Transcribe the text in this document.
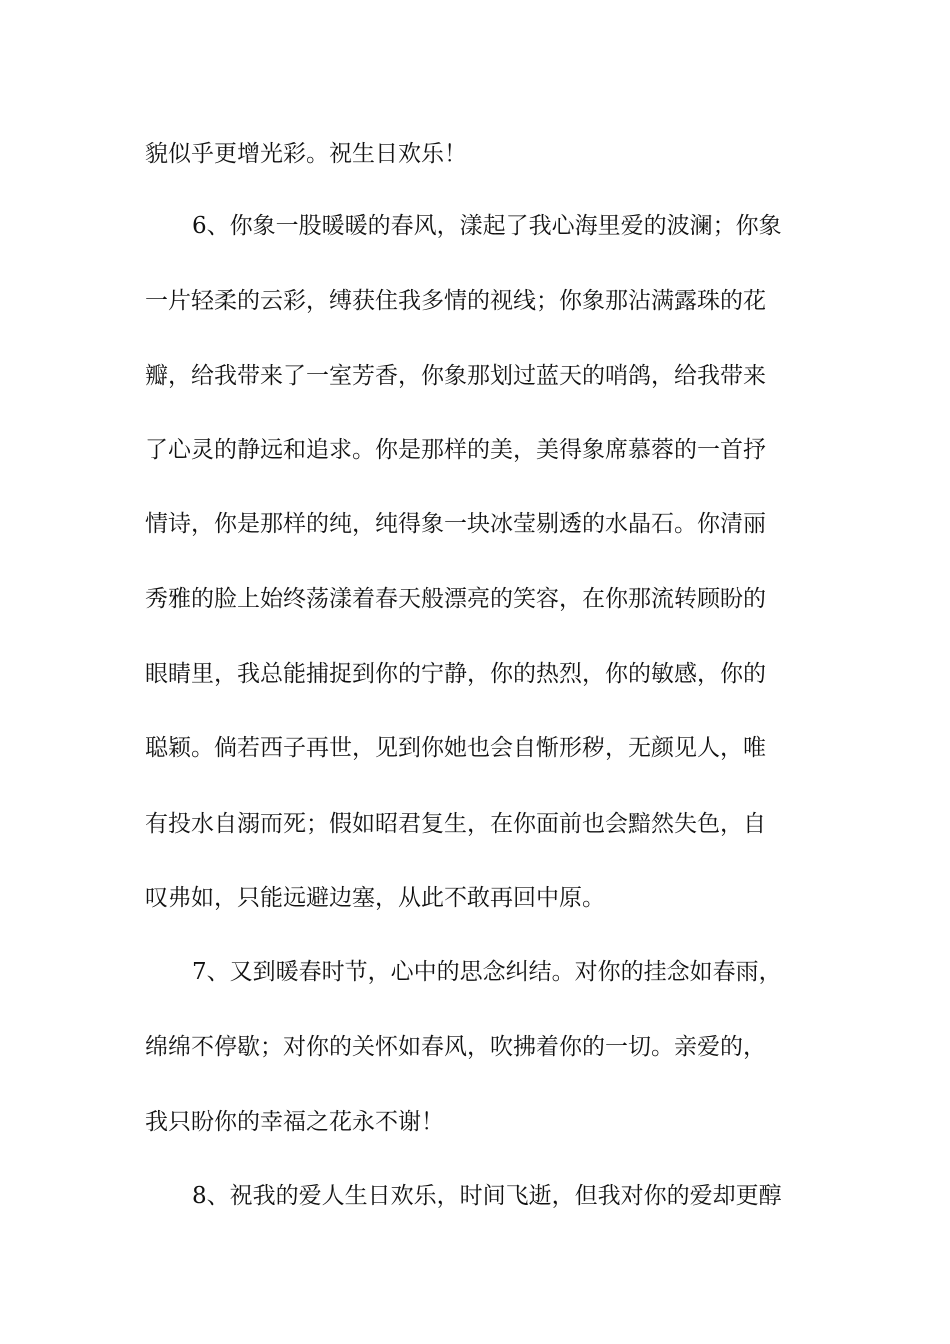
貌似乎更增光彩。祝生日欢乐！
6、你象一股暖暖的春风，漾起了我心海里爱的波澜；你象
一片轻柔的云彩，缚获住我多情的视线；你象那沾满露珠的花
瓣，给我带来了一室芳香，你象那划过蓝天的哨鸽，给我带来
了心灵的静远和追求。你是那样的美，美得象席慕蓉的一首抒
情诗，你是那样的纯，纯得象一块冰莹剔透的水晶石。你清丽
秀雅的脸上始终荡漾着春天般漂亮的笑容，在你那流转顾盼的
眼睛里，我总能捕捉到你的宁静，你的热烈，你的敏感，你的
聪颖。倘若西子再世，见到你她也会自惭形秽，无颜见人，唯
有投水自溺而死；假如昭君复生，在你面前也会黯然失色，自
叹弗如，只能远避边塞，从此不敢再回中原。
7、又到暖春时节，心中的思念纠结。对你的挂念如春雨，
绵绵不停歇；对你的关怀如春风，吹拂着你的一切。亲爱的，
我只盼你的幸福之花永不谢！
8、祝我的爱人生日欢乐，时间飞逝，但我对你的爱却更醇
